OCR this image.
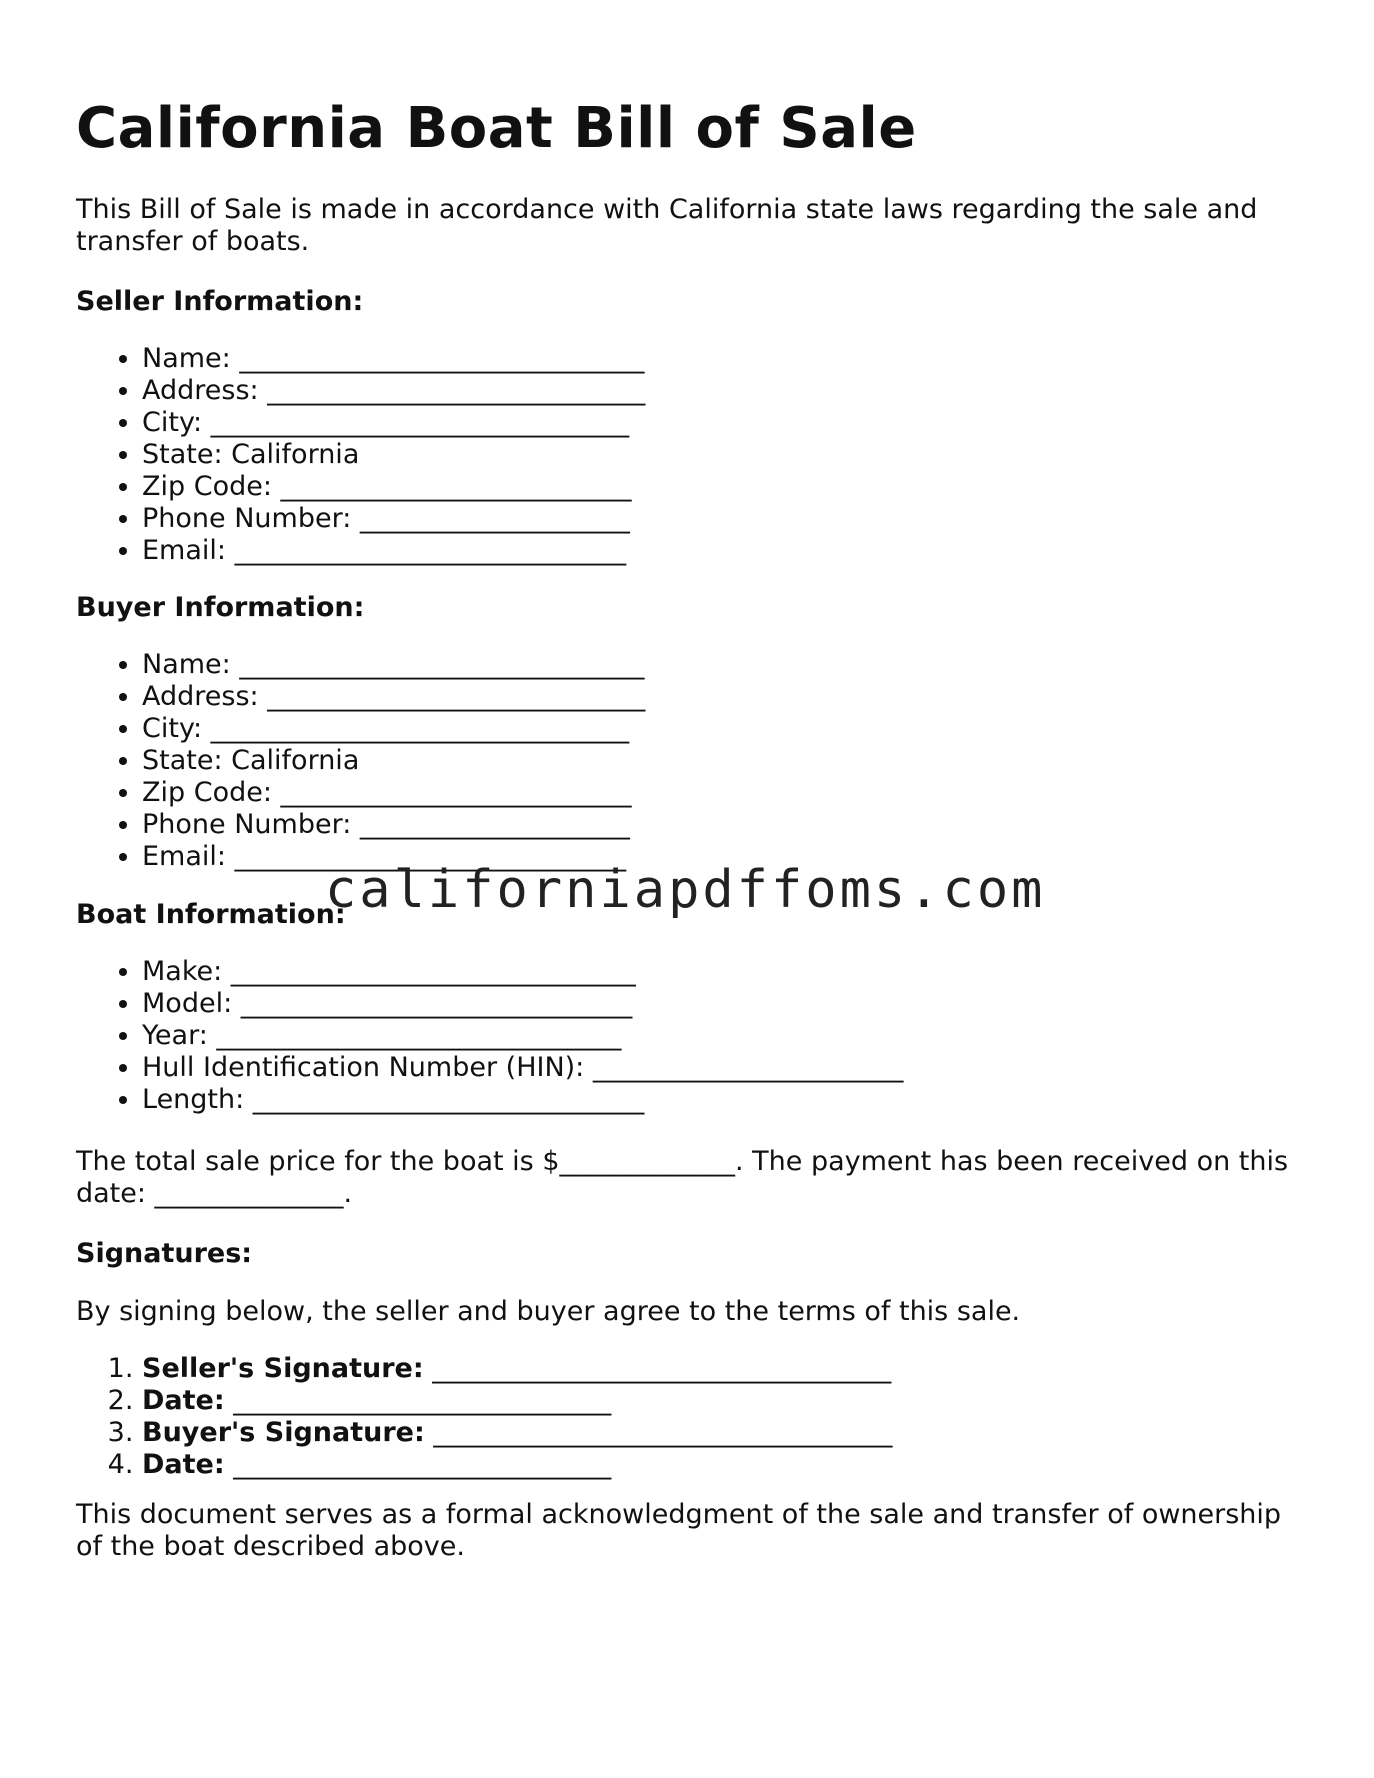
California Boat Bill of Sale

This Bill of Sale is made in accordance with California state laws regarding the sale and transfer of boats.

Seller Information:
• Name: ______________________________
• Address: ____________________________
• City: _______________________________
• State: California
• Zip Code: __________________________
• Phone Number: ____________________
• Email: _____________________________
Buyer Information:
• Name: ______________________________
• Address: ____________________________
• City: _______________________________
• State: California
• Zip Code: __________________________
• Phone Number: ____________________
• Email: _____________________________
Boat Information:
• Make: ______________________________
• Model: _____________________________
• Year: ______________________________
• Hull Identification Number (HIN): _______________________
• Length: _____________________________

The total sale price for the boat is $_____________. The payment has been received on this date: ______________.

Signatures:

By signing below, the seller and buyer agree to the terms of this sale.

1. Seller's Signature: __________________________________
2. Date: ____________________________
3. Buyer's Signature: __________________________________
4. Date: ____________________________

This document serves as a formal acknowledgment of the sale and transfer of ownership of the boat described above.

californiapdffoms.com
